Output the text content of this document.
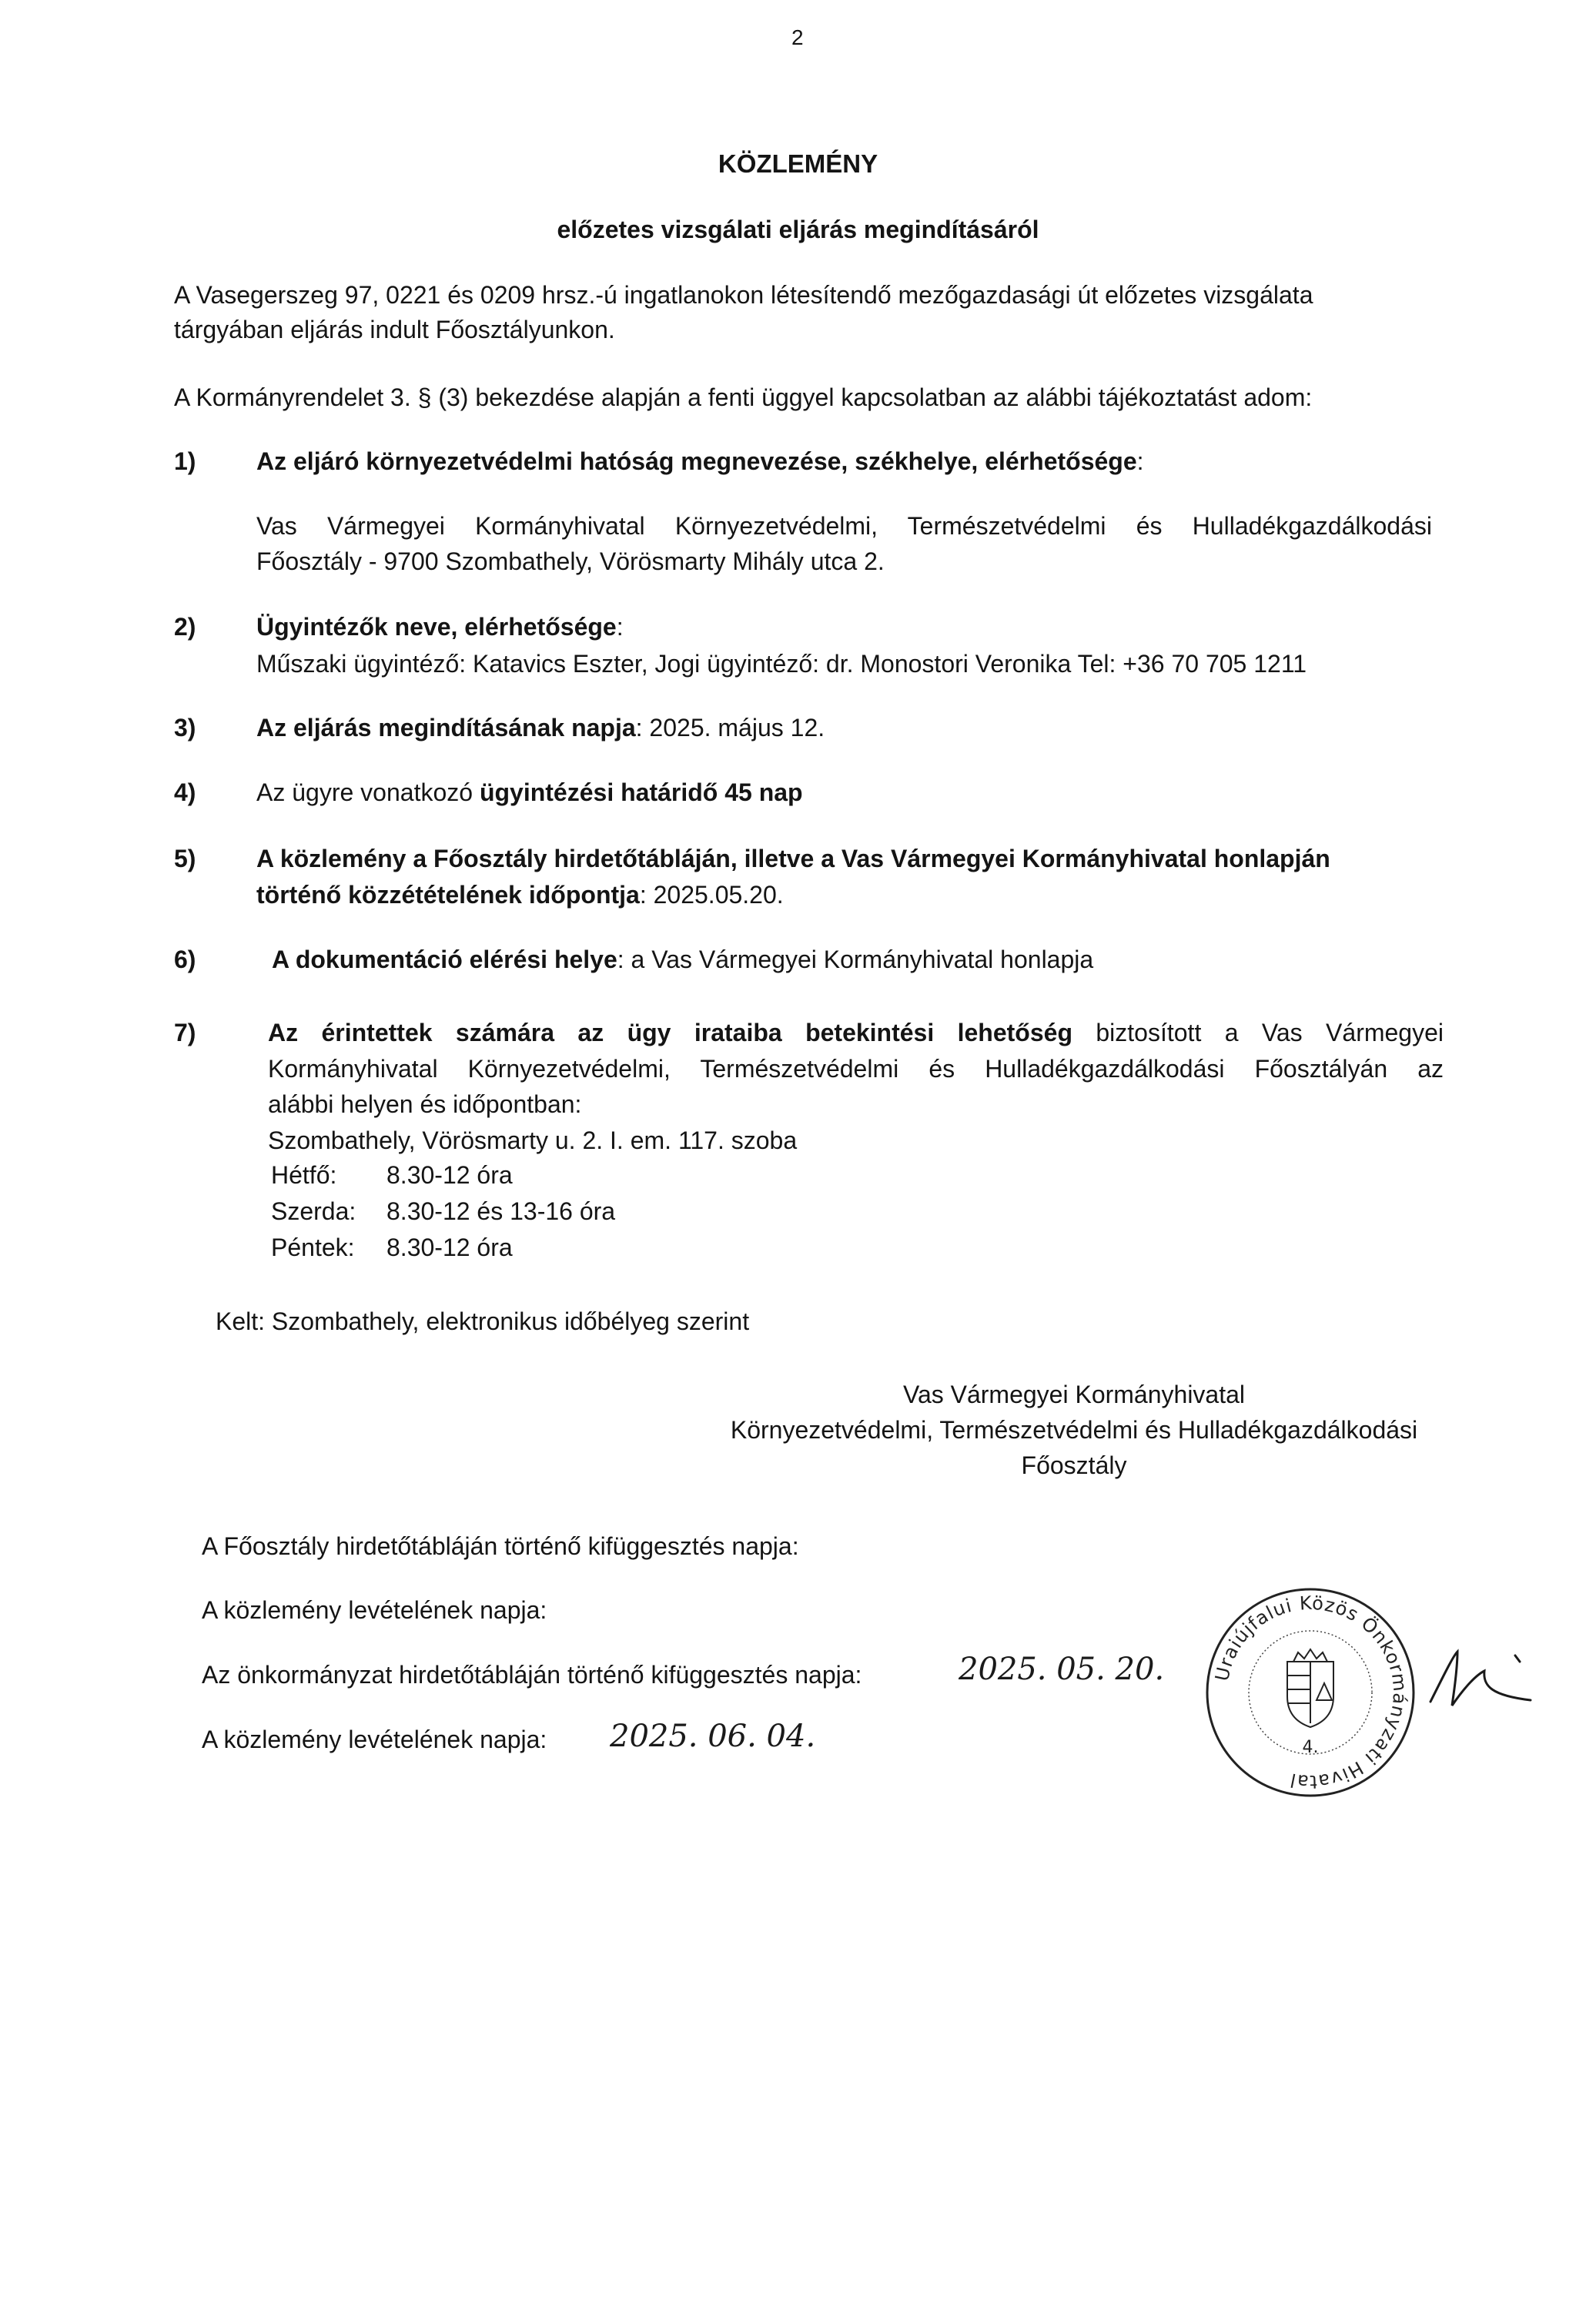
2
KÖZLEMÉNY
előzetes vizsgálati eljárás megindításáról
A Vasegerszeg 97, 0221 és 0209 hrsz.-ú ingatlanokon létesítendő mezőgazdasági út előzetes vizsgálata
tárgyában eljárás indult Főosztályunkon.
A Kormányrendelet 3. § (3) bekezdése alapján a fenti üggyel kapcsolatban az alábbi tájékoztatást adom:
1) Az eljáró környezetvédelmi hatóság megnevezése, székhelye, elérhetősége:
Vas Vármegyei Kormányhivatal Környezetvédelmi, Természetvédelmi és Hulladékgazdálkodási
Főosztály - 9700 Szombathely, Vörösmarty Mihály utca 2.
2) Ügyintézők neve, elérhetősége:
Műszaki ügyintéző: Katavics Eszter, Jogi ügyintéző: dr. Monostori Veronika Tel: +36 70 705 1211
3) Az eljárás megindításának napja: 2025. május 12.
4) Az ügyre vonatkozó ügyintézési határidő 45 nap
5) A közlemény a Főosztály hirdetőtábláján, illetve a Vas Vármegyei Kormányhivatal honlapján
történő közzétételének időpontja: 2025.05.20.
6)	A dokumentáció elérési helye: a Vas Vármegyei Kormányhivatal honlapja
7)	Az érintettek számára az ügy irataiba betekintési lehetőség biztosított a Vas Vármegyei
Kormányhivatal Környezetvédelmi, Természetvédelmi és Hulladékgazdálkodási Főosztályán az
alábbi helyen és időpontban:
Szombathely, Vörösmarty u. 2. I. em. 117. szoba
Hétfő: 8.30-12 óra
Szerda: 8.30-12 és 13-16 óra
Péntek: 8.30-12 óra
Kelt: Szombathely, elektronikus időbélyeg szerint
Vas Vármegyei Kormányhivatal
Környezetvédelmi, Természetvédelmi és Hulladékgazdálkodási
Főosztály
A Főosztály hirdetőtábláján történő kifüggesztés napja:
A közlemény levételének napja:
Az önkormányzat hirdetőtábláján történő kifüggesztés napja:
A közlemény levételének napja:
2025. 05. 20.
2025. 06. 04.
Uraiújfalui Közös Önkormányzati Hivatal
4.
